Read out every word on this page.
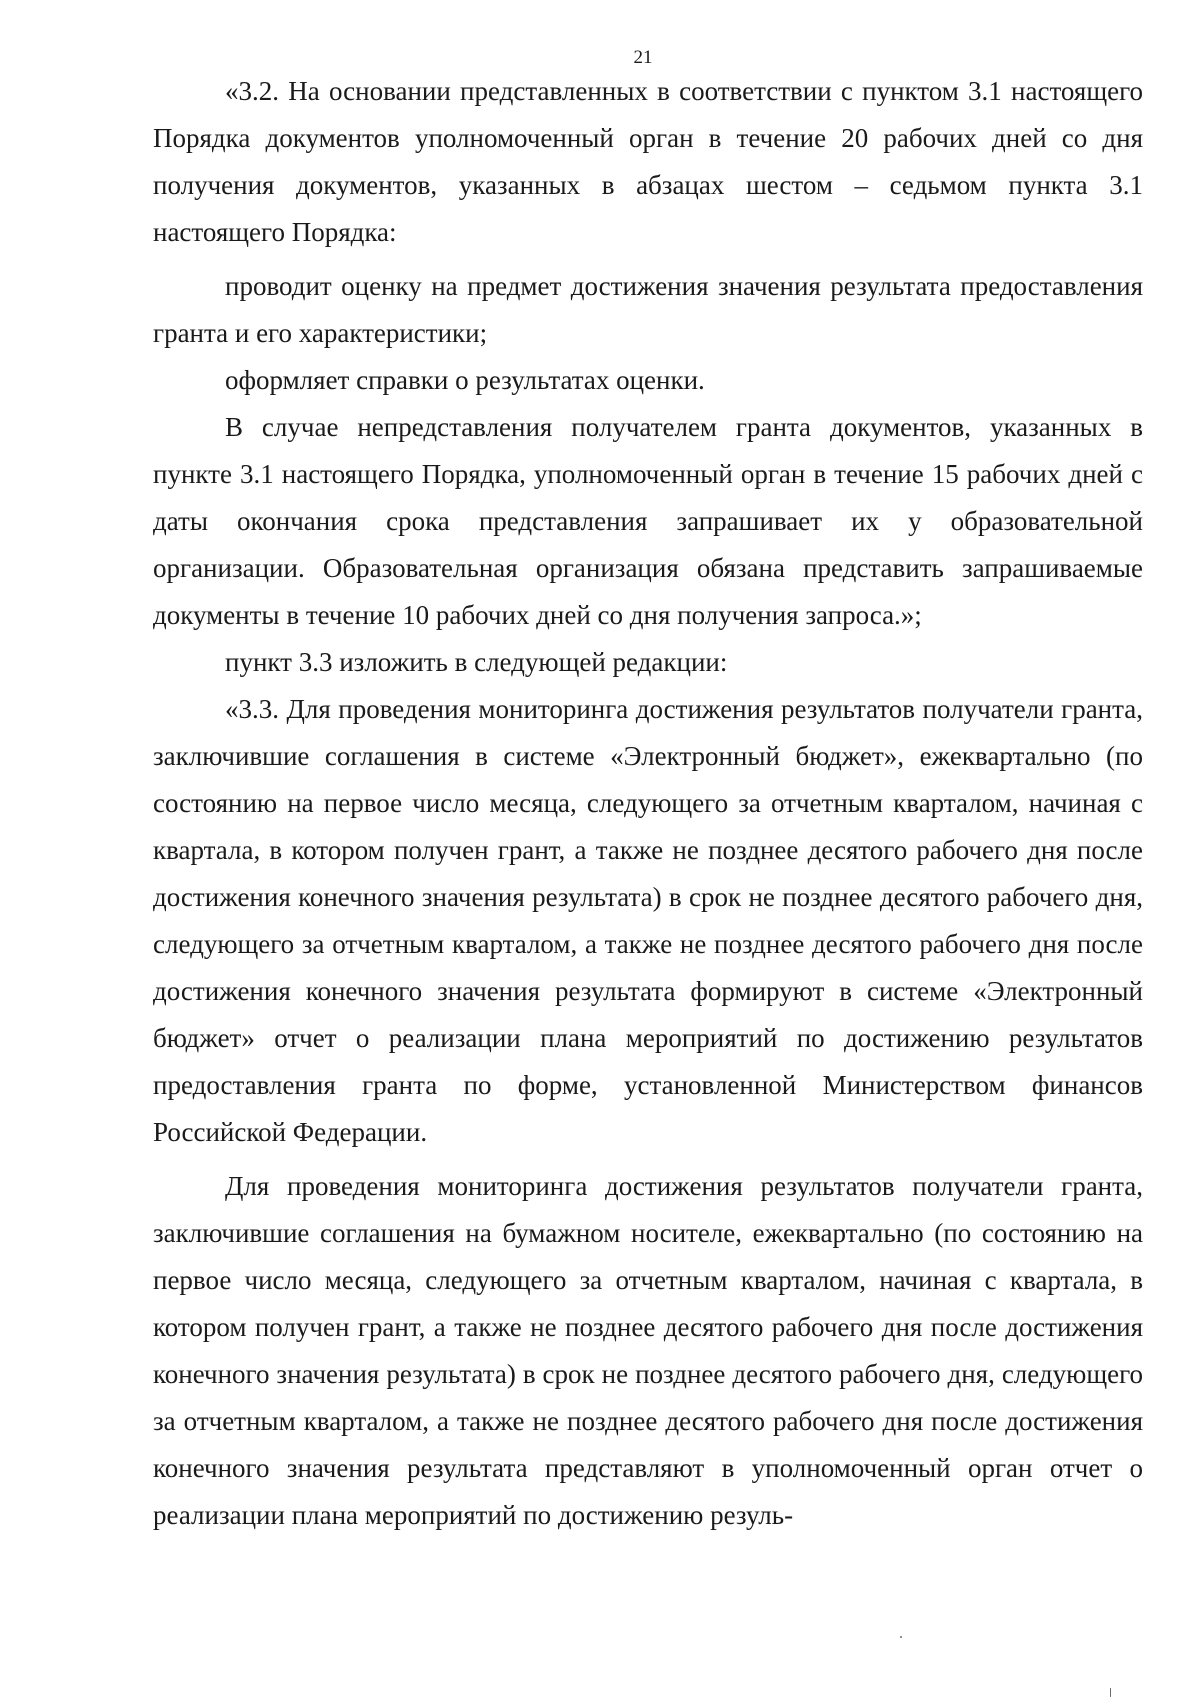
21

«3.2. На основании представленных в соответствии с пунктом 3.1 настоящего Порядка документов уполномоченный орган в течение 20 рабочих дней со дня получения документов, указанных в абзацах шестом – седьмом пункта 3.1 настоящего Порядка:

проводит оценку на предмет достижения значения результата предоставления гранта и его характеристики;

оформляет справки о результатах оценки.

В случае непредставления получателем гранта документов, указанных в пункте 3.1 настоящего Порядка, уполномоченный орган в течение 15 рабочих дней с даты окончания срока представления запрашивает их у образовательной организации. Образовательная организация обязана представить запрашиваемые документы в течение 10 рабочих дней со дня получения запроса.»;

пункт 3.3 изложить в следующей редакции:

«3.3. Для проведения мониторинга достижения результатов получатели гранта, заключившие соглашения в системе «Электронный бюджет», ежеквартально (по состоянию на первое число месяца, следующего за отчетным кварталом, начиная с квартала, в котором получен грант, а также не позднее десятого рабочего дня после достижения конечного значения результата) в срок не позднее десятого рабочего дня, следующего за отчетным кварталом, а также не позднее десятого рабочего дня после достижения конечного значения результата формируют в системе «Электронный бюджет» отчет о реализации плана мероприятий по достижению результатов предоставления гранта по форме, установленной Министерством финансов Российской Федерации.

Для проведения мониторинга достижения результатов получатели гранта, заключившие соглашения на бумажном носителе, ежеквартально (по состоянию на первое число месяца, следующего за отчетным кварталом, начиная с квартала, в котором получен грант, а также не позднее десятого рабочего дня после достижения конечного значения результата) в срок не позднее десятого рабочего дня, следующего за отчетным кварталом, а также не позднее десятого рабочего дня после достижения конечного значения результата представляют в уполномоченный орган отчет о реализации плана мероприятий по достижению резуль-
